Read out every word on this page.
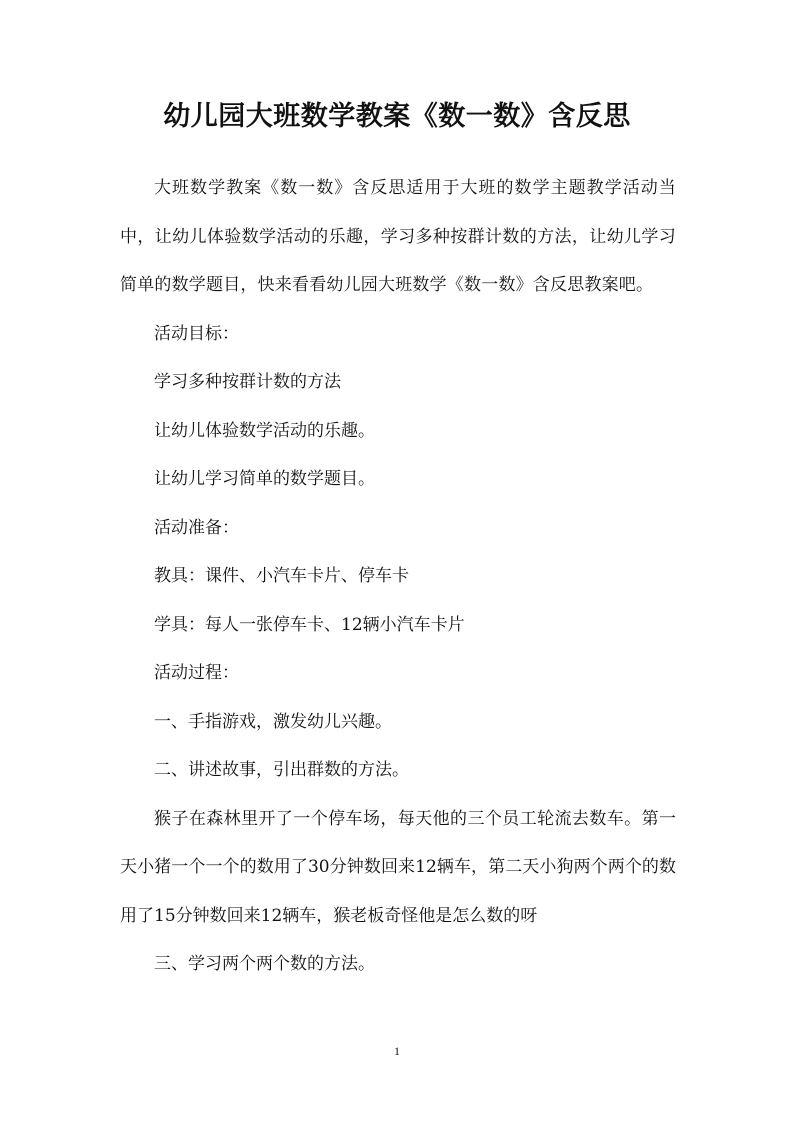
幼儿园大班数学教案《数一数》含反思

大班数学教案《数一数》含反思适用于大班的数学主题教学活动当中，让幼儿体验数学活动的乐趣，学习多种按群计数的方法，让幼儿学习简单的数学题目，快来看看幼儿园大班数学《数一数》含反思教案吧。

活动目标：

学习多种按群计数的方法

让幼儿体验数学活动的乐趣。

让幼儿学习简单的数学题目。

活动准备：

教具：课件、小汽车卡片、停车卡

学具：每人一张停车卡、12辆小汽车卡片

活动过程：

一、手指游戏，激发幼儿兴趣。

二、讲述故事，引出群数的方法。

猴子在森林里开了一个停车场，每天他的三个员工轮流去数车。第一天小猪一个一个的数用了30分钟数回来12辆车，第二天小狗两个两个的数用了15分钟数回来12辆车，猴老板奇怪他是怎么数的呀

三、学习两个两个数的方法。

1
